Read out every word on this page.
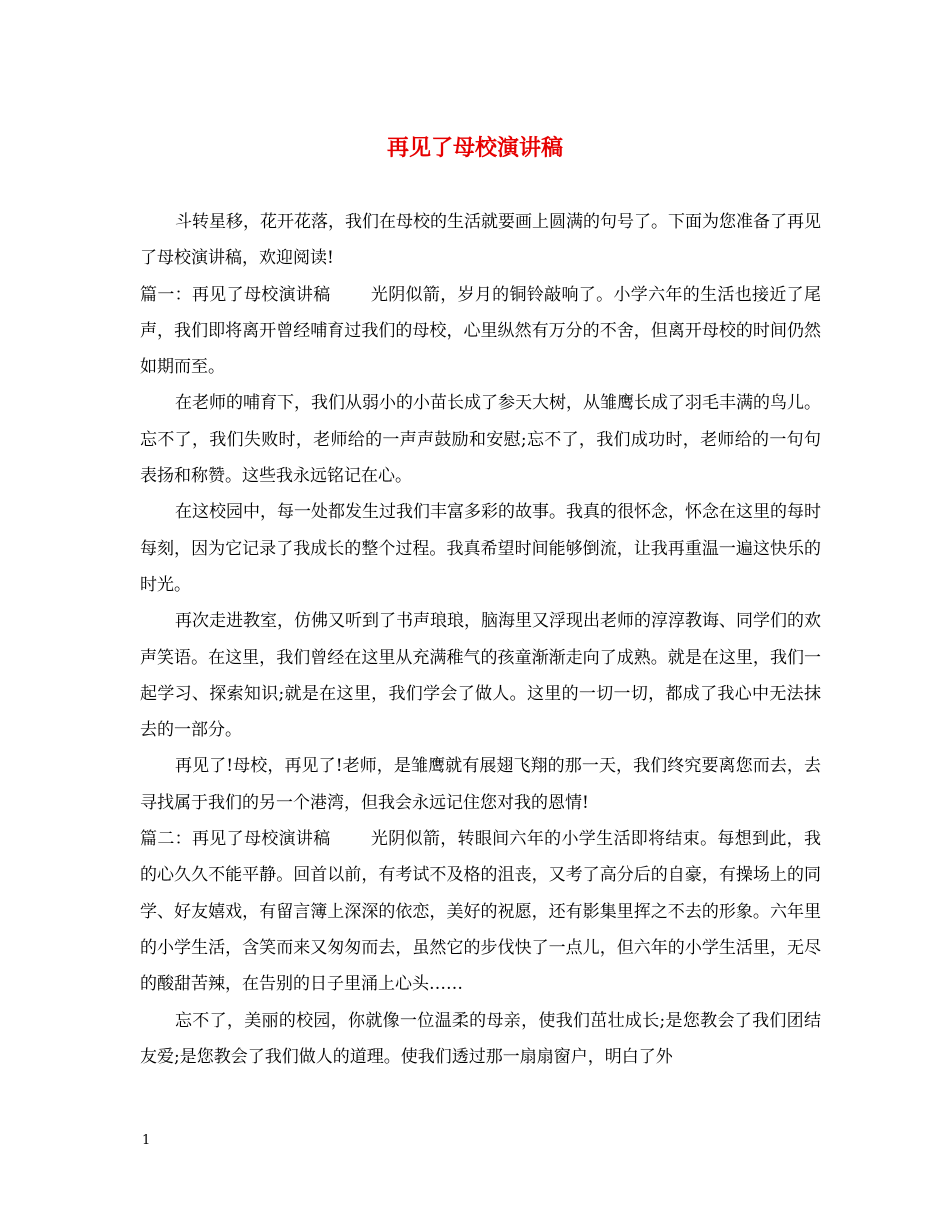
再见了母校演讲稿

斗转星移，花开花落，我们在母校的生活就要画上圆满的句号了。下面为您准备了再见了母校演讲稿，欢迎阅读!

篇一：再见了母校演讲稿 光阴似箭，岁月的铜铃敲响了。小学六年的生活也接近了尾声，我们即将离开曾经哺育过我们的母校，心里纵然有万分的不舍，但离开母校的时间仍然如期而至。

在老师的哺育下，我们从弱小的小苗长成了参天大树，从雏鹰长成了羽毛丰满的鸟儿。忘不了，我们失败时，老师给的一声声鼓励和安慰;忘不了，我们成功时，老师给的一句句表扬和称赞。这些我永远铭记在心。

在这校园中，每一处都发生过我们丰富多彩的故事。我真的很怀念，怀念在这里的每时每刻，因为它记录了我成长的整个过程。我真希望时间能够倒流，让我再重温一遍这快乐的时光。

再次走进教室，仿佛又听到了书声琅琅，脑海里又浮现出老师的淳淳教诲、同学们的欢声笑语。在这里，我们曾经在这里从充满稚气的孩童渐渐走向了成熟。就是在这里，我们一起学习、探索知识;就是在这里，我们学会了做人。这里的一切一切，都成了我心中无法抹去的一部分。

再见了!母校，再见了!老师，是雏鹰就有展翅飞翔的那一天，我们终究要离您而去，去寻找属于我们的另一个港湾，但我会永远记住您对我的恩情!

篇二：再见了母校演讲稿 光阴似箭，转眼间六年的小学生活即将结束。每想到此，我的心久久不能平静。回首以前，有考试不及格的沮丧，又考了高分后的自豪，有操场上的同学、好友嬉戏，有留言簿上深深的依恋，美好的祝愿，还有影集里挥之不去的形象。六年里的小学生活，含笑而来又匆匆而去，虽然它的步伐快了一点儿，但六年的小学生活里，无尽的酸甜苦辣，在告别的日子里涌上心头……

忘不了，美丽的校园，你就像一位温柔的母亲，使我们茁壮成长;是您教会了我们团结友爱;是您教会了我们做人的道理。使我们透过那一扇扇窗户，明白了外

1
